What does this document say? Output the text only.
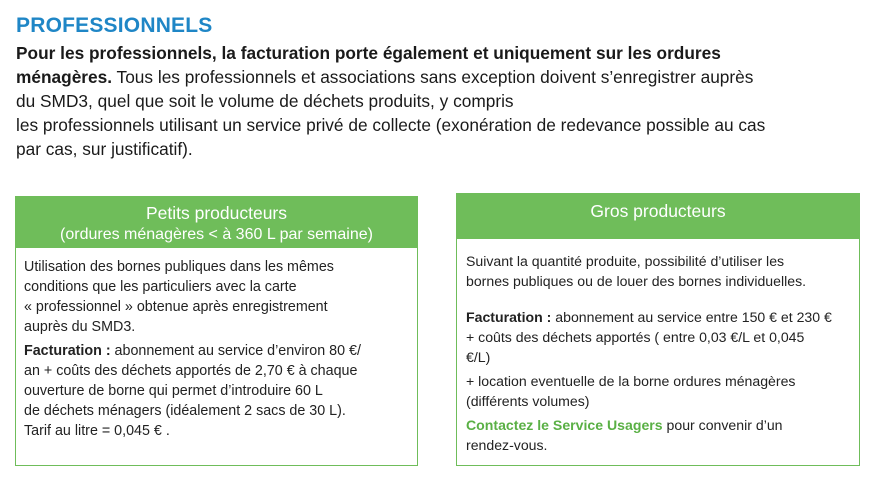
PROFESSIONNELS
Pour les professionnels, la facturation porte également et uniquement sur les ordures
ménagères. Tous les professionnels et associations sans exception doivent s’enregistrer auprès
du SMD3, quel que soit le volume de déchets produits, y compris
les professionnels utilisant un service privé de collecte (exonération de redevance possible au cas
par cas, sur justificatif).
Petits producteurs
(ordures ménagères < à 360 L par semaine)
Utilisation des bornes publiques dans les mêmes
conditions que les particuliers avec la carte
« professionnel » obtenue après enregistrement
auprès du SMD3.
Facturation : abonnement au service d’environ 80 €/
an + coûts des déchets apportés de 2,70 € à chaque
ouverture de borne qui permet d’introduire 60 L
de déchets ménagers (idéalement 2 sacs de 30 L).
Tarif au litre = 0,045 € .
Gros producteurs
Suivant la quantité produite, possibilité d’utiliser les
bornes publiques ou de louer des bornes individuelles.
Facturation : abonnement au service entre 150 € et 230 €
+ coûts des déchets apportés ( entre 0,03 €/L et 0,045
€/L)
+ location eventuelle de la borne ordures ménagères
(différents volumes)
Contactez le Service Usagers pour convenir d’un
rendez-vous.
